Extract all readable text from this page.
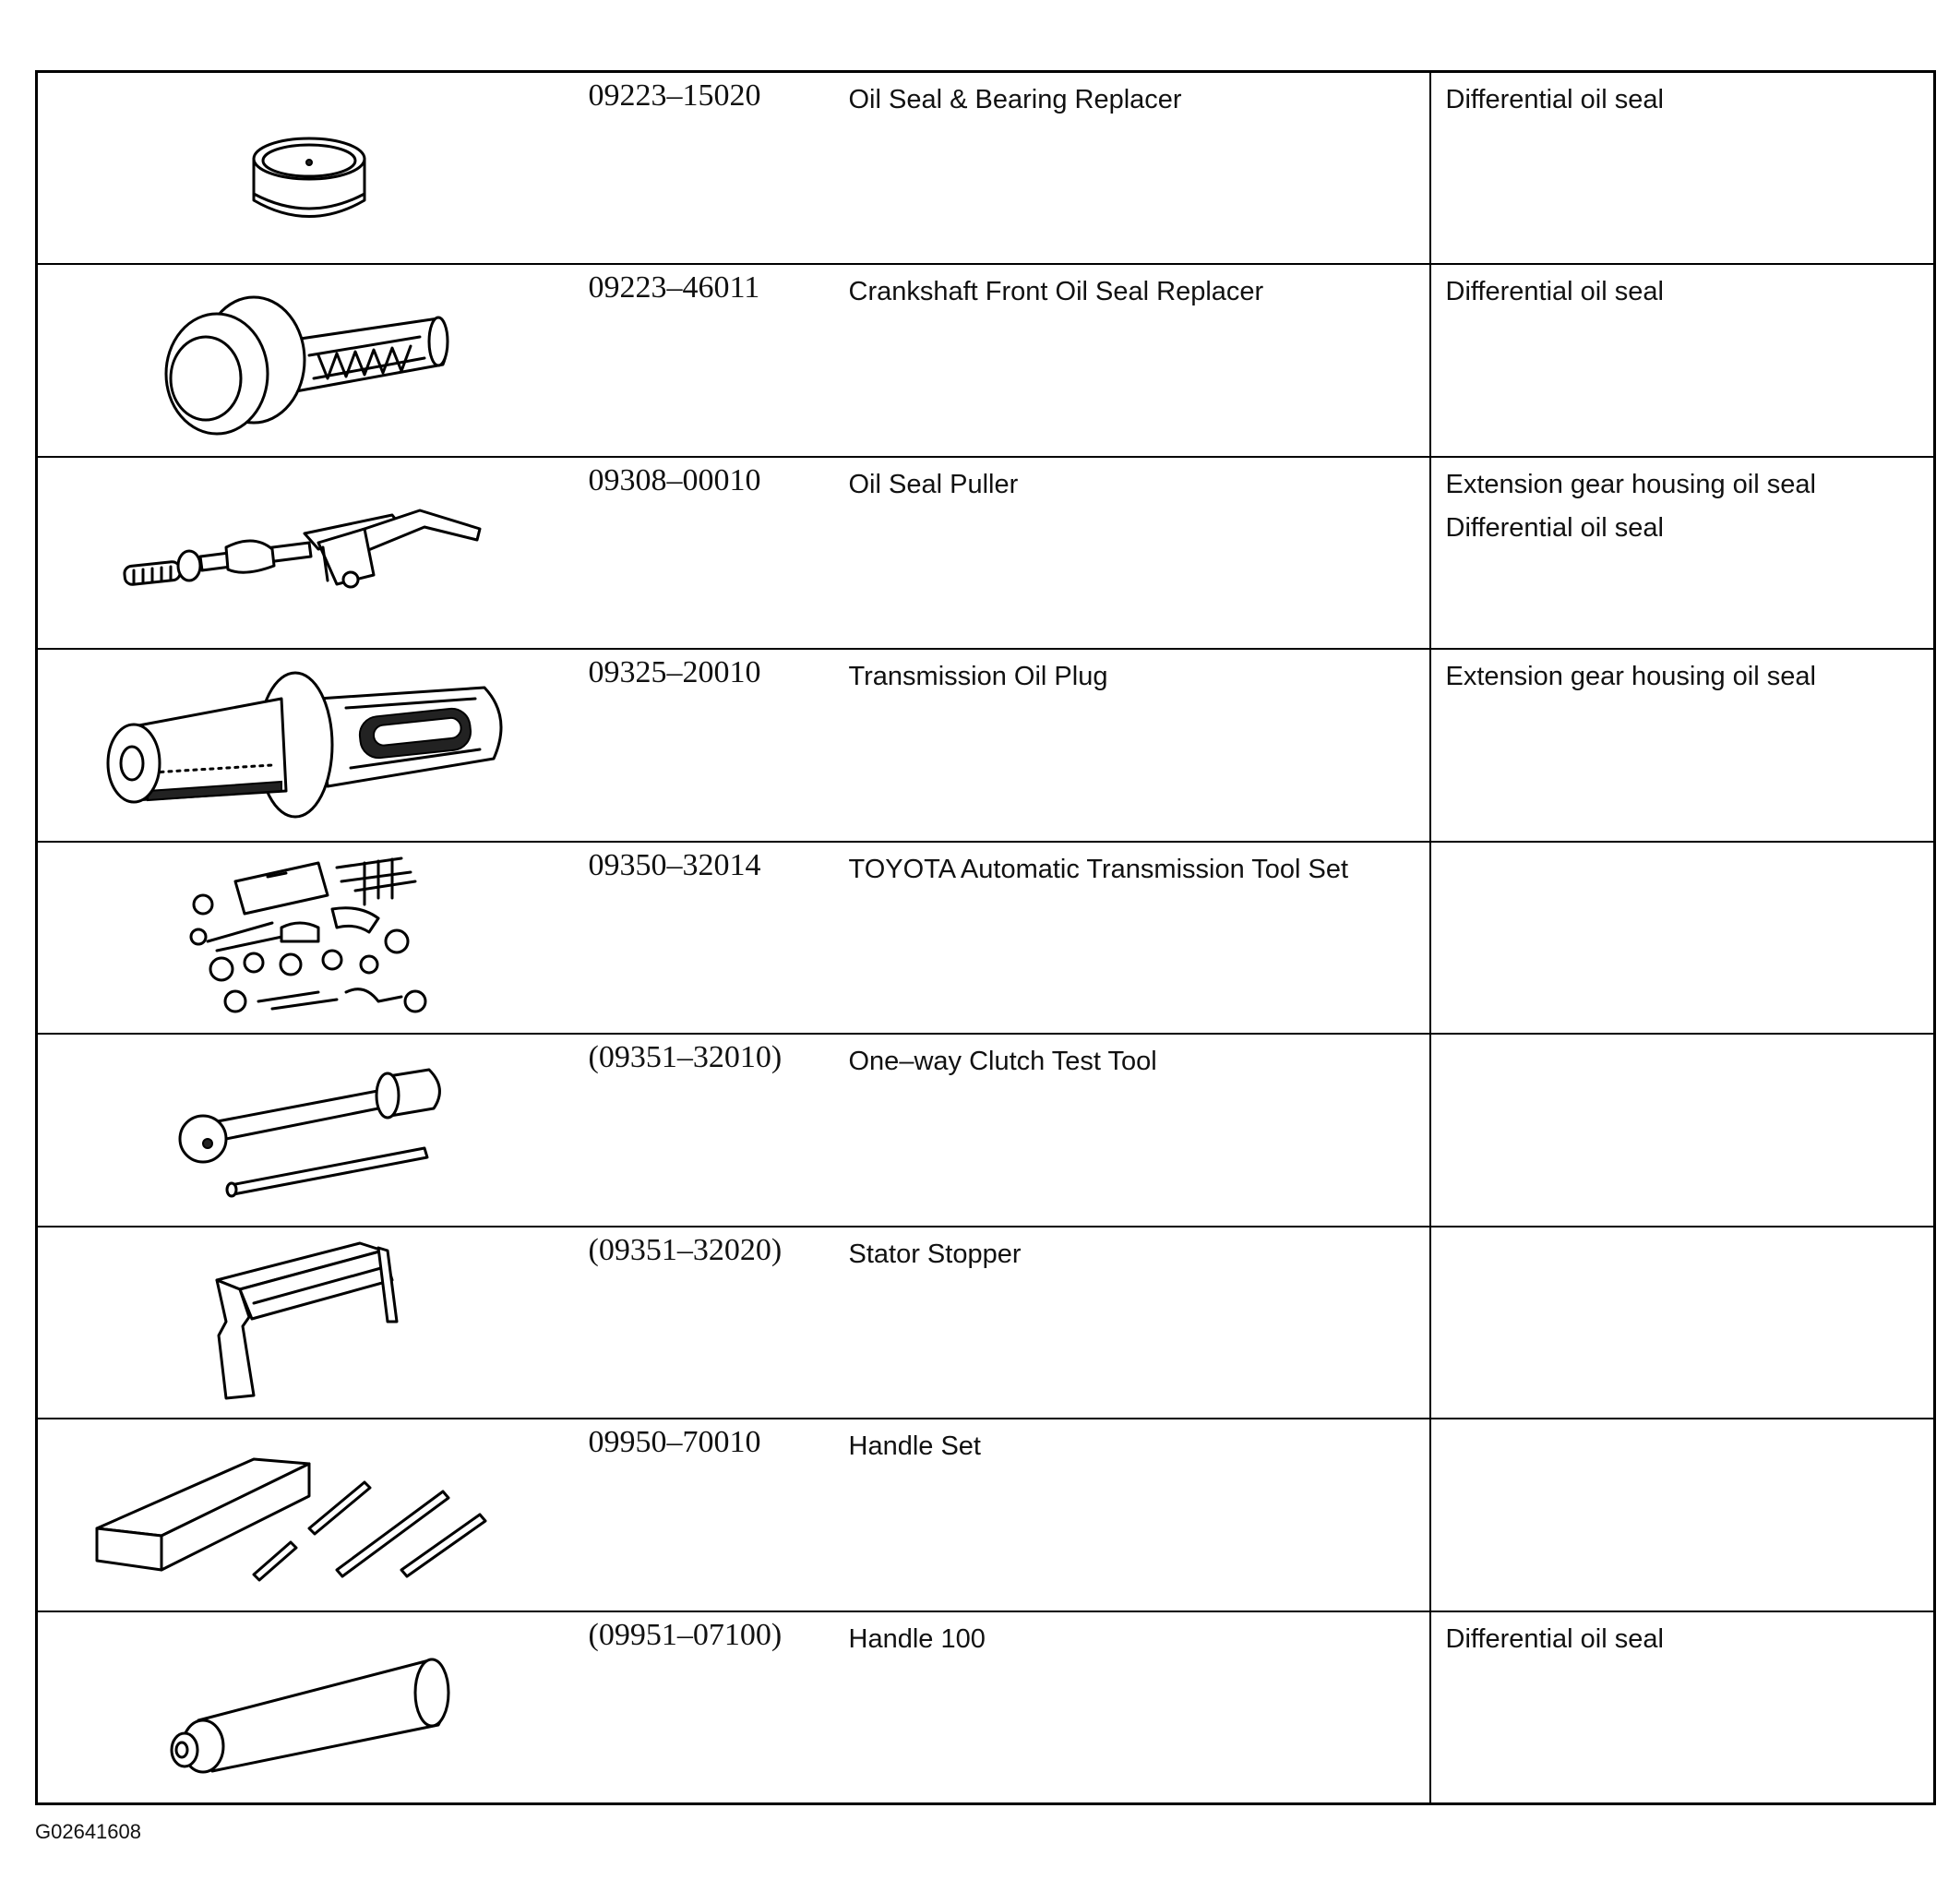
09223–15020	Oil Seal & Bearing Replacer	Differential oil seal

09223–46011	Crankshaft Front Oil Seal Replacer	Differential oil seal

09308–00010	Oil Seal Puller	Extension gear housing oil seal
Differential oil seal

09325–20010	Transmission Oil Plug	Extension gear housing oil seal

09350–32014	TOYOTA Automatic Transmission Tool Set	

(09351–32010)	One–way Clutch Test Tool	

(09351–32020)	Stator Stopper	

09950–70010	Handle Set	

(09951–07100)	Handle 100	Differential oil seal
G02641608
